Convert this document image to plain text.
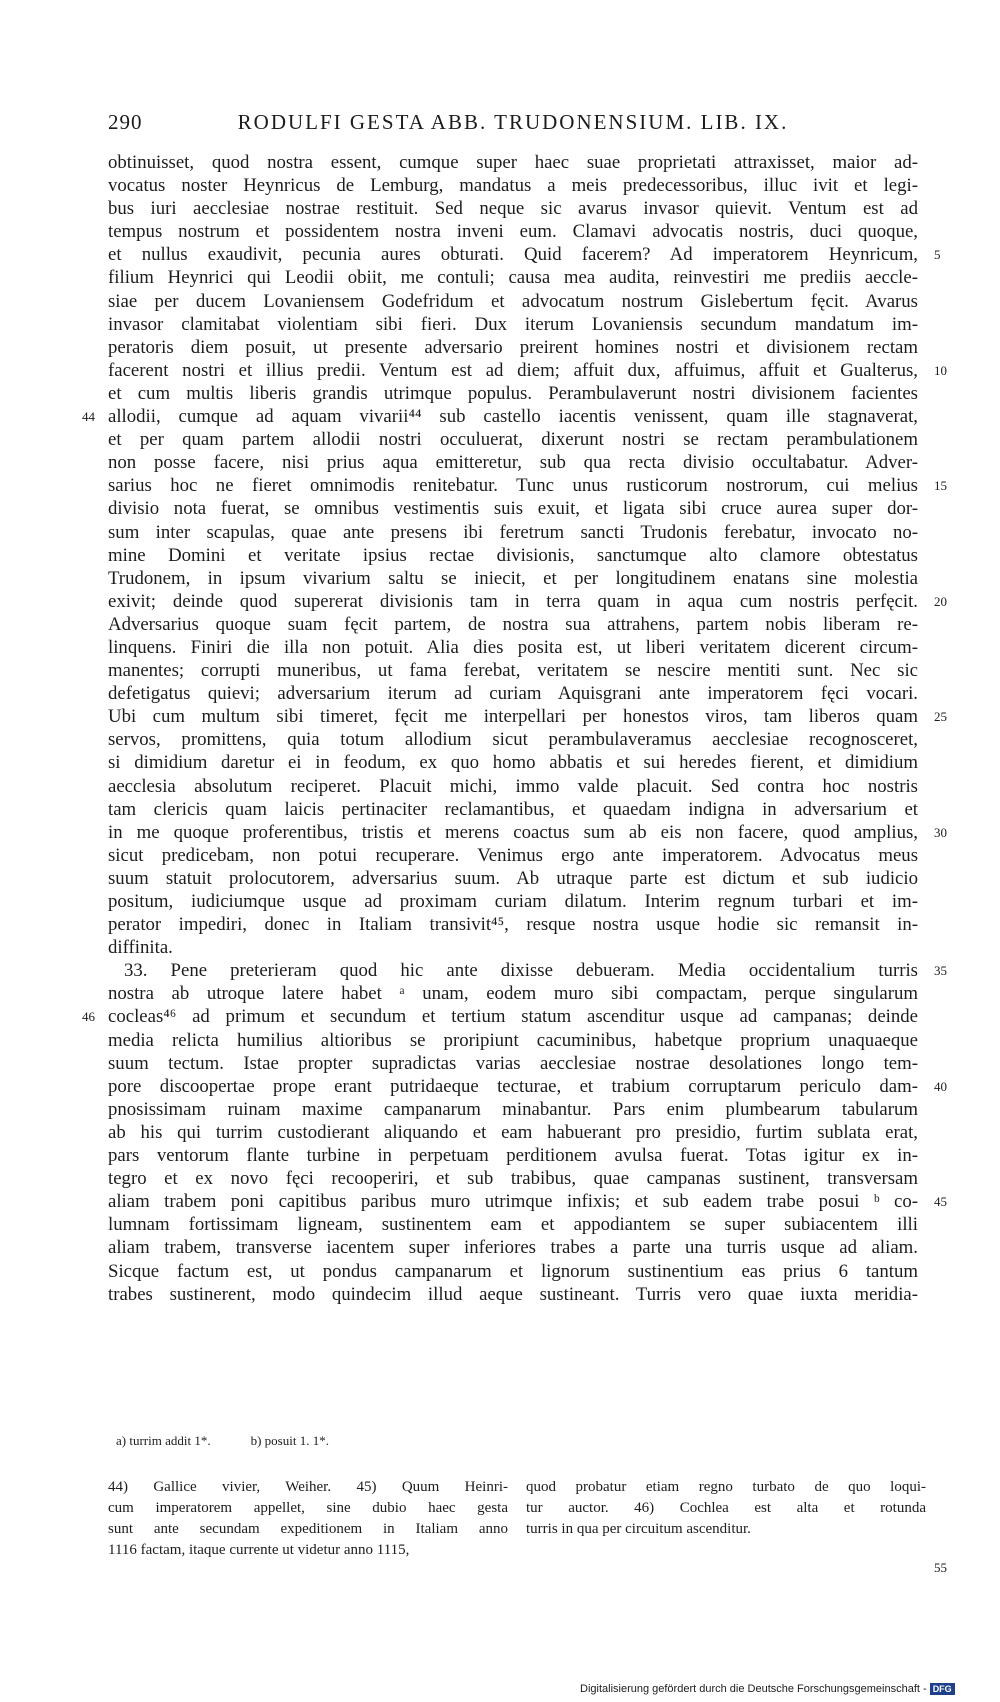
290	RODULFI GESTA ABB. TRUDONENSIUM. LIB. IX.
obtinuisset, quod nostra essent, cumque super haec suae proprietati attraxisset, maior ad-
vocatus noster Heynricus de Lemburg, mandatus a meis predecessoribus, illuc ivit et legi-
bus iuri aecclesiae nostrae restituit. Sed neque sic avarus invasor quievit. Ventum est ad
tempus nostrum et possidentem nostra inveni eum. Clamavi advocatis nostris, duci quoque,
et nullus exaudivit, pecunia aures obturati. Quid facerem? Ad imperatorem Heynricum, 5
filium Heynrici qui Leodii obiit, me contuli; causa mea audita, reinvestiri me prediis aeccle-
siae per ducem Lovaniensem Godefridum et advocatum nostrum Gislebertum fęcit. Avarus
invasor clamitabat violentiam sibi fieri. Dux iterum Lovaniensis secundum mandatum im-
peratoris diem posuit, ut presente adversario preirent homines nostri et divisionem rectam
facerent nostri et illius predii. Ventum est ad diem; affuit dux, affuimus, affuit et Gualterus, 10
et cum multis liberis grandis utrimque populus. Perambulaverunt nostri divisionem facientes
allodii, cumque ad aquam vivarii⁴⁴ sub castello iacentis venissent, quam ille stagnaverat,
44
et per quam partem allodii nostri occuluerat, dixerunt nostri se rectam perambulationem
non posse facere, nisi prius aqua emitteretur, sub qua recta divisio occultabatur. Adver-
sarius hoc ne fieret omnimodis renitebatur. Tunc unus rusticorum nostrorum, cui melius 15
divisio nota fuerat, se omnibus vestimentis suis exuit, et ligata sibi cruce aurea super dor-
sum inter scapulas, quae ante presens ibi feretrum sancti Trudonis ferebatur, invocato no-
mine Domini et veritate ipsius rectae divisionis, sanctumque alto clamore obtestatus
Trudonem, in ipsum vivarium saltu se iniecit, et per longitudinem enatans sine molestia
exivit; deinde quod supererat divisionis tam in terra quam in aqua cum nostris perfęcit. 20
Adversarius quoque suam fęcit partem, de nostra sua attrahens, partem nobis liberam re-
linquens. Finiri die illa non potuit. Alia dies posita est, ut liberi veritatem dicerent circum-
manentes; corrupti muneribus, ut fama ferebat, veritatem se nescire mentiti sunt. Nec sic
defetigatus quievi; adversarium iterum ad curiam Aquisgrani ante imperatorem fęci vocari.
Ubi cum multum sibi timeret, fęcit me interpellari per honestos viros, tam liberos quam 25
servos, promittens, quia totum allodium sicut perambulaveramus aecclesiae recognosceret,
si dimidium daretur ei in feodum, ex quo homo abbatis et sui heredes fierent, et dimidium
aecclesia absolutum reciperet. Placuit michi, immo valde placuit. Sed contra hoc nostris
tam clericis quam laicis pertinaciter reclamantibus, et quaedam indigna in adversarium et
in me quoque proferentibus, tristis et merens coactus sum ab eis non facere, quod amplius, 30
sicut predicebam, non potui recuperare. Venimus ergo ante imperatorem. Advocatus meus
suum statuit prolocutorem, adversarius suum. Ab utraque parte est dictum et sub iudicio
positum, iudiciumque usque ad proximam curiam dilatum. Interim regnum turbari et im-
perator impediri, donec in Italiam transivit⁴⁵, resque nostra usque hodie sic remansit in-
diffinita.
33. Pene preterieram quod hic ante dixisse debueram. Media occidentalium turris 35
nostra ab utroque latere habet ᵃ unam, eodem muro sibi compactam, perque singularum
cocleas⁴⁶ ad primum et secundum et tertium statum ascenditur usque ad campanas; deinde
46
media relicta humilius altioribus se proripiunt cacuminibus, habetque proprium unaquaeque
suum tectum. Istae propter supradictas varias aecclesiae nostrae desolationes longo tem-
pore discoopertae prope erant putridaeque tecturae, et trabium corruptarum periculo dam- 40
pnosissimam ruinam maxime campanarum minabantur. Pars enim plumbearum tabularum
ab his qui turrim custodierant aliquando et eam habuerant pro presidio, furtim sublata erat,
pars ventorum flante turbine in perpetuam perditionem avulsa fuerat. Totas igitur ex in-
tegro et ex novo fęci recooperiri, et sub trabibus, quae campanas sustinent, transversam
aliam trabem poni capitibus paribus muro utrimque infixis; et sub eadem trabe posui ᵇ co- 45
lumnam fortissimam ligneam, sustinentem eam et appodiantem se super subiacentem illi
aliam trabem, transverse iacentem super inferiores trabes a parte una turris usque ad aliam.
Sicque factum est, ut pondus campanarum et lignorum sustinentium eas prius 6 tantum
trabes sustinerent, modo quindecim illud aeque sustineant. Turris vero quae iuxta meridia-
a) turrim addit 1*.	b) posuit 1. 1*.
44) Gallice vivier, Weiher. 45) Quum Heinri-
cum imperatorem appellet, sine dubio haec gesta
sunt ante secundam expeditionem in Italiam anno
1116 factam, itaque currente ut videtur anno 1115,
quod probatur etiam regno turbato de quo loqui-
tur auctor. 46) Cochlea est alta et rotunda
turris in qua per circuitum ascenditur.
55
Digitalisierung gefördert durch die Deutsche Forschungsgemeinschaft - DFG
